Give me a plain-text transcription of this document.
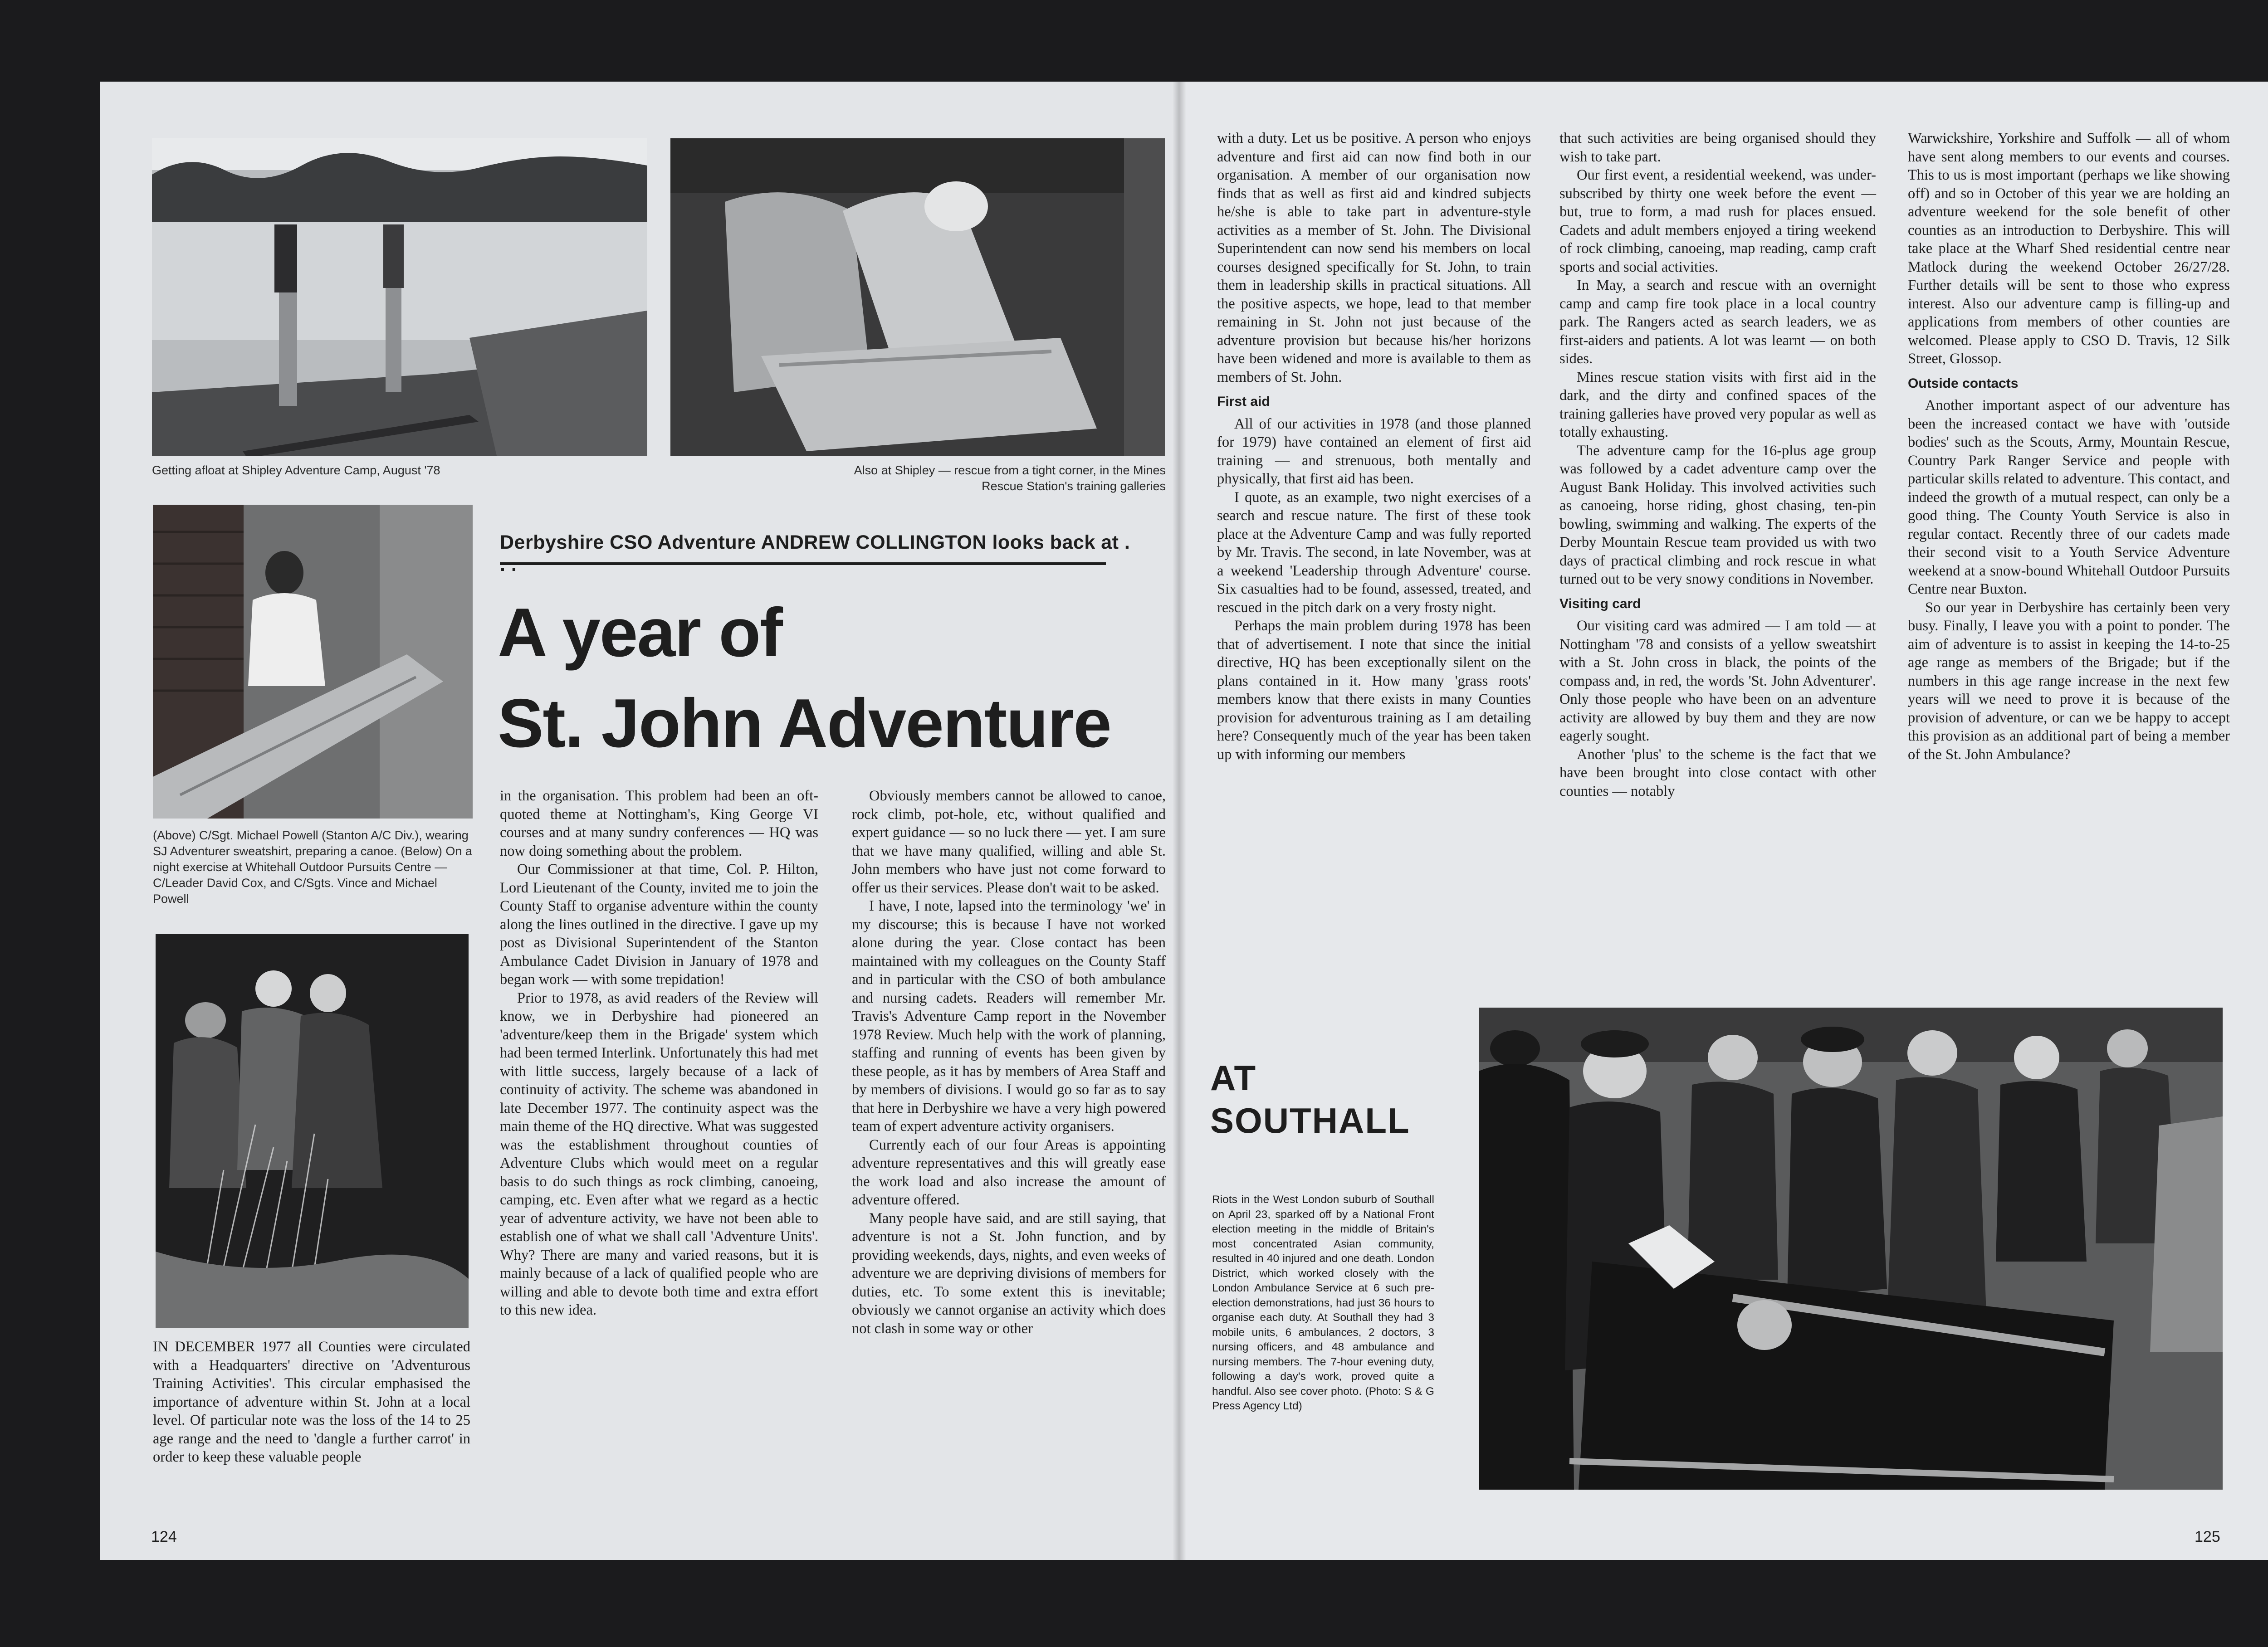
Getting afloat at Shipley Adventure Camp, August '78	Also at Shipley — rescue from a tight corner, in the Mines Rescue Station's training galleries

(Above) C/Sgt. Michael Powell (Stanton A/C Div.), wearing SJ Adventurer sweatshirt, preparing a canoe. (Below) On a night exercise at Whitehall Outdoor Pursuits Centre — C/Leader David Cox, and C/Sgts. Vince and Michael Powell

Derbyshire CSO Adventure ANDREW COLLINGTON looks back at .
A year of
St. John Adventure

IN DECEMBER 1977 all Counties were circulated with a Headquarters' directive on 'Adventurous Training Activities'. This circular emphasised the importance of adventure within St. John at a local level. Of particular note was the loss of the 14 to 25 age range and the need to 'dangle a further carrot' in order to keep these valuable people

in the organisation. This problem had been an oft-quoted theme at Nottingham's, King George VI courses and at many sundry conferences — HQ was now doing something about the problem.

Our Commissioner at that time, Col. P. Hilton, Lord Lieutenant of the County, invited me to join the County Staff to organise adventure within the county along the lines outlined in the directive. I gave up my post as Divisional Superintendent of the Stanton Ambulance Cadet Division in January of 1978 and began work — with some trepidation!

Prior to 1978, as avid readers of the Review will know, we in Derbyshire had pioneered an 'adventure/keep them in the Brigade' system which had been termed Interlink. Unfortunately this had met with little success, largely because of a lack of continuity of activity. The scheme was abandoned in late December 1977. The continuity aspect was the main theme of the HQ directive. What was suggested was the establishment throughout counties of Adventure Clubs which would meet on a regular basis to do such things as rock climbing, canoeing, camping, etc. Even after what we regard as a hectic year of adventure activity, we have not been able to establish one of what we shall call 'Adventure Units'. Why? There are many and varied reasons, but it is mainly because of a lack of qualified people who are willing and able to devote both time and extra effort to this new idea.

Obviously members cannot be allowed to canoe, rock climb, pot-hole, etc, without qualified and expert guidance — so no luck there — yet. I am sure that we have many qualified, willing and able St. John members who have just not come forward to offer us their services. Please don't wait to be asked.

I have, I note, lapsed into the terminology 'we' in my discourse; this is because I have not worked alone during the year. Close contact has been maintained with my colleagues on the County Staff and in particular with the CSO of both ambulance and nursing cadets. Readers will remember Mr. Travis's Adventure Camp report in the November 1978 Review. Much help with the work of planning, staffing and running of events has been given by these people, as it has by members of Area Staff and by members of divisions. I would go so far as to say that here in Derbyshire we have a very high powered team of expert adventure activity organisers.

Currently each of our four Areas is appointing adventure representatives and this will greatly ease the work load and also increase the amount of adventure offered.

Many people have said, and are still saying, that adventure is not a St. John function, and by providing weekends, days, nights, and even weeks of adventure we are depriving divisions of members for duties, etc. To some extent this is inevitable; obviously we cannot organise an activity which does not clash in some way or other

124

with a duty. Let us be positive. A person who enjoys adventure and first aid can now find both in our organisation. A member of our organisation now finds that as well as first aid and kindred subjects he/she is able to take part in adventure-style activities as a member of St. John. The Divisional Superintendent can now send his members on local courses designed specifically for St. John, to train them in leadership skills in practical situations. All the positive aspects, we hope, lead to that member remaining in St. John not just because of the adventure provision but because his/her horizons have been widened and more is available to them as members of St. John.

First aid

All of our activities in 1978 (and those planned for 1979) have contained an element of first aid training — and strenuous, both mentally and physically, that first aid has been.

I quote, as an example, two night exercises of a search and rescue nature. The first of these took place at the Adventure Camp and was fully reported by Mr. Travis. The second, in late November, was at a weekend 'Leadership through Adventure' course. Six casualties had to be found, assessed, treated, and rescued in the pitch dark on a very frosty night.

Perhaps the main problem during 1978 has been that of advertisement. I note that since the initial directive, HQ has been exceptionally silent on the plans contained in it. How many 'grass roots' members know that there exists in many Counties provision for adventurous training as I am detailing here? Consequently much of the year has been taken up with informing our members

that such activities are being organised should they wish to take part.

Our first event, a residential weekend, was under-subscribed by thirty one week before the event — but, true to form, a mad rush for places ensued. Cadets and adult members enjoyed a tiring weekend of rock climbing, canoeing, map reading, camp craft sports and social activities.

In May, a search and rescue with an overnight camp and camp fire took place in a local country park. The Rangers acted as search leaders, we as first-aiders and patients. A lot was learnt — on both sides.

Mines rescue station visits with first aid in the dark, and the dirty and confined spaces of the training galleries have proved very popular as well as totally exhausting.

The adventure camp for the 16-plus age group was followed by a cadet adventure camp over the August Bank Holiday. This involved activities such as canoeing, horse riding, ghost chasing, ten-pin bowling, swimming and walking. The experts of the Derby Mountain Rescue team provided us with two days of practical climbing and rock rescue in what turned out to be very snowy conditions in November.

Visiting card

Our visiting card was admired — I am told — at Nottingham '78 and consists of a yellow sweatshirt with a St. John cross in black, the points of the compass and, in red, the words 'St. John Adventurer'. Only those people who have been on an adventure activity are allowed by buy them and they are now eagerly sought.

Another 'plus' to the scheme is the fact that we have been brought into close contact with other counties — notably

Warwickshire, Yorkshire and Suffolk — all of whom have sent along members to our events and courses. This to us is most important (perhaps we like showing off) and so in October of this year we are holding an adventure weekend for the sole benefit of other counties as an introduction to Derbyshire. This will take place at the Wharf Shed residential centre near Matlock during the weekend October 26/27/28. Further details will be sent to those who express interest. Also our adventure camp is filling-up and applications from members of other counties are welcomed. Please apply to CSO D. Travis, 12 Silk Street, Glossop.

Outside contacts

Another important aspect of our adventure has been the increased contact we have with 'outside bodies' such as the Scouts, Army, Mountain Rescue, Country Park Ranger Service and people with particular skills related to adventure. This contact, and indeed the growth of a mutual respect, can only be a good thing. The County Youth Service is also in regular contact. Recently three of our cadets made their second visit to a Youth Service Adventure weekend at a snow-bound Whitehall Outdoor Pursuits Centre near Buxton.

So our year in Derbyshire has certainly been very busy. Finally, I leave you with a point to ponder. The aim of adventure is to assist in keeping the 14-to-25 age range as members of the Brigade; but if the numbers in this age range increase in the next few years will we need to prove it is because of the provision of adventure, or can we be happy to accept this provision as an additional part of being a member of the St. John Ambulance?

AT
SOUTHALL

Riots in the West London suburb of Southall on April 23, sparked off by a National Front election meeting in the middle of Britain's most concentrated Asian community, resulted in 40 injured and one death. London District, which worked closely with the London Ambulance Service at 6 such pre-election demonstrations, had just 36 hours to organise each duty. At Southall they had 3 mobile units, 6 ambulances, 2 doctors, 3 nursing officers, and 48 ambulance and nursing members. The 7-hour evening duty, following a day's work, proved quite a handful. Also see cover photo. (Photo: S & G Press Agency Ltd)

125
